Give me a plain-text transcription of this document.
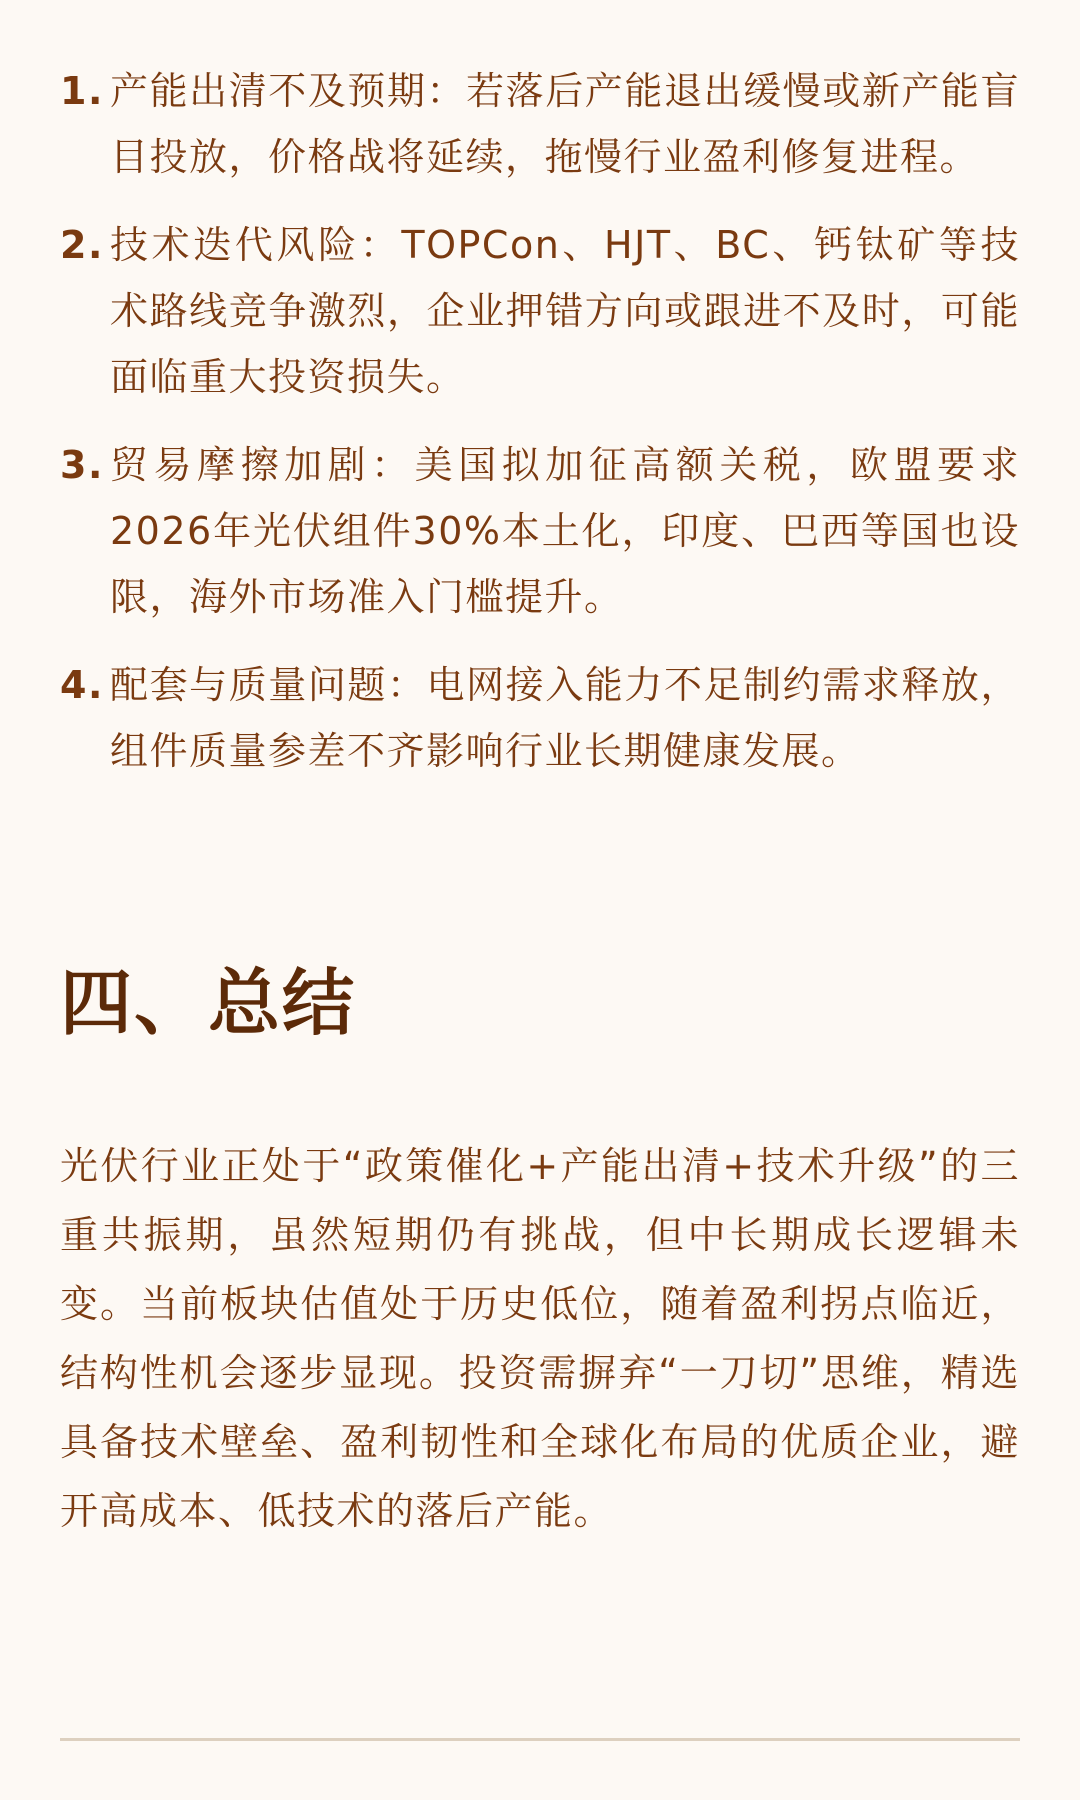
1. 产能出清不及预期：若落后产能退出缓慢或新产能盲目投放，价格战将延续，拖慢行业盈利修复进程。
2. 技术迭代风险：TOPCon、HJT、BC、钙钛矿等技术路线竞争激烈，企业押错方向或跟进不及时，可能面临重大投资损失。
3. 贸易摩擦加剧：美国拟加征高额关税，欧盟要求2026年光伏组件30%本土化，印度、巴西等国也设限，海外市场准入门槛提升。
4. 配套与质量问题：电网接入能力不足制约需求释放，组件质量参差不齐影响行业长期健康发展。
四、总结

光伏行业正处于“政策催化+产能出清+技术升级”的三重共振期，虽然短期仍有挑战，但中长期成长逻辑未变。当前板块估值处于历史低位，随着盈利拐点临近，结构性机会逐步显现。投资需摒弃“一刀切”思维，精选具备技术壁垒、盈利韧性和全球化布局的优质企业，避开高成本、低技术的落后产能。
